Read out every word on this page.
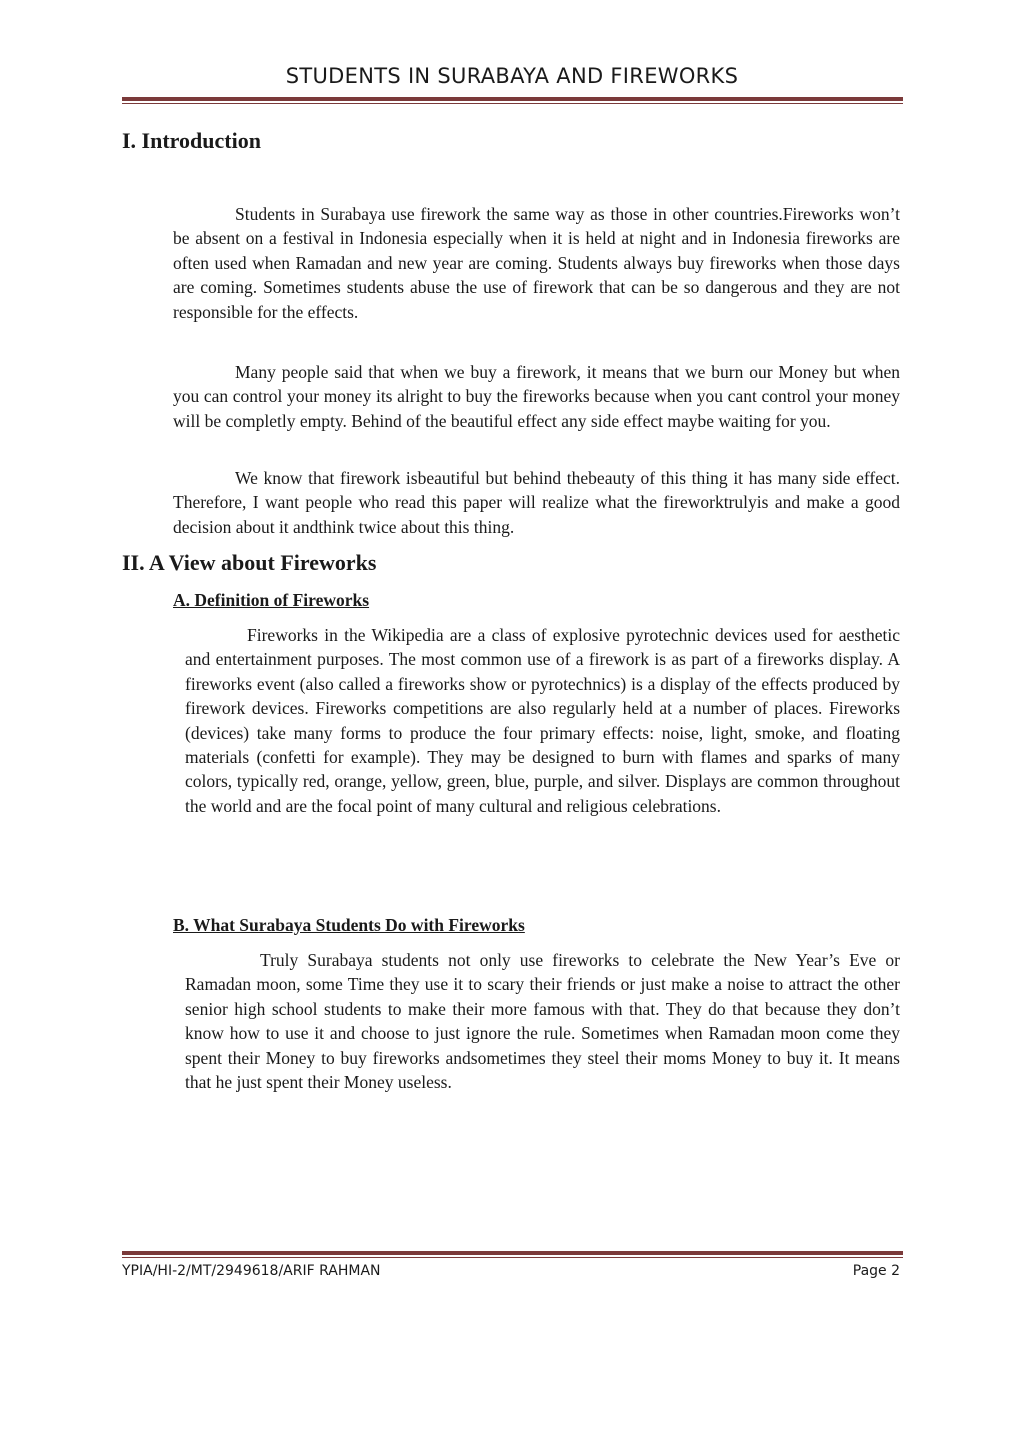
STUDENTS IN SURABAYA AND FIREWORKS
I. Introduction

Students in Surabaya use firework the same way as those in other countries.Fireworks won’t be absent on a festival in Indonesia especially when it is held at night and in Indonesia fireworks are often used when Ramadan and new year are coming. Students always buy fireworks when those days are coming. Sometimes students abuse the use of firework that can be so dangerous and they are not responsible for the effects.

Many people said that when we buy a firework, it means that we burn our Money but when you can control your money its alright to buy the fireworks because when you cant control your money will be completly empty. Behind of the beautiful effect any side effect maybe waiting for you.

We know that firework isbeautiful but behind thebeauty of this thing it has many side effect. Therefore, I want people who read this paper will realize what the fireworktrulyis and make a good decision about it andthink twice about this thing.

II. A View about Fireworks
A. Definition of Fireworks

Fireworks in the Wikipedia are a class of explosive pyrotechnic devices used for aesthetic and entertainment purposes. The most common use of a firework is as part of a fireworks display. A fireworks event (also called a fireworks show or pyrotechnics) is a display of the effects produced by firework devices. Fireworks competitions are also regularly held at a number of places. Fireworks (devices) take many forms to produce the four primary effects: noise, light, smoke, and floating materials (confetti for example). They may be designed to burn with flames and sparks of many colors, typically red, orange, yellow, green, blue, purple, and silver. Displays are common throughout the world and are the focal point of many cultural and religious celebrations.

B. What Surabaya Students Do with Fireworks

Truly Surabaya students not only use fireworks to celebrate the New Year’s Eve or Ramadan moon, some Time they use it to scary their friends or just make a noise to attract the other senior high school students to make their more famous with that. They do that because they don’t know how to use it and choose to just ignore the rule. Sometimes when Ramadan moon come they spent their Money to buy fireworks andsometimes they steel their moms Money to buy it. It means that he just spent their Money useless.

YPIA/HI-2/MT/2949618/ARIF RAHMAN	Page 2
